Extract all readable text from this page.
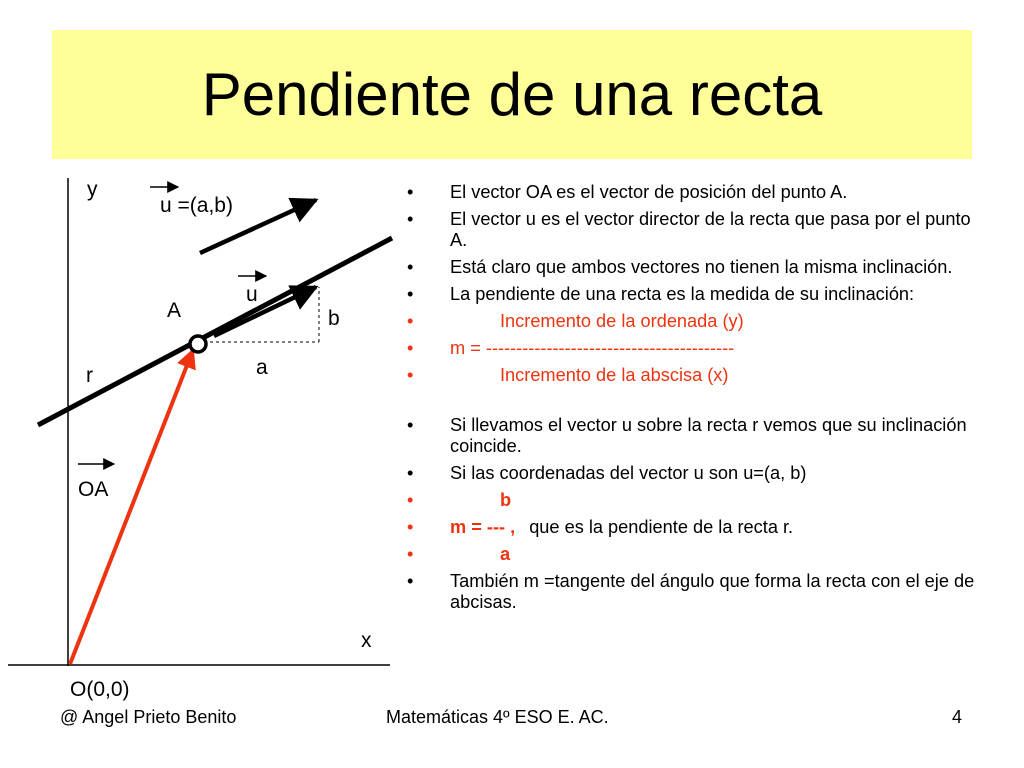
Pendiente de una recta
y
u =(a,b)
u
A	b
a
r
OA
x
O(0,0)
• El vector OA es el vector de posición del punto A.
• El vector u es el vector director de la recta que pasa por el punto A.
• Está claro que ambos vectores no tienen la misma inclinación.
• La pendiente de una recta es la medida de su inclinación:
•	Incremento de la ordenada (y)
• m = -----------------------------------------
•	Incremento de la abscisa (x)
• Si llevamos el vector u sobre la recta r vemos que su inclinación coincide.
• Si las coordenadas del vector u son u=(a, b)
•	b
• m = --- , que es la pendiente de la recta r.
•	a
• También m =tangente del ángulo que forma la recta con el eje de abcisas.
@ Angel Prieto Benito	Matemáticas 4º ESO E. AC.	4
